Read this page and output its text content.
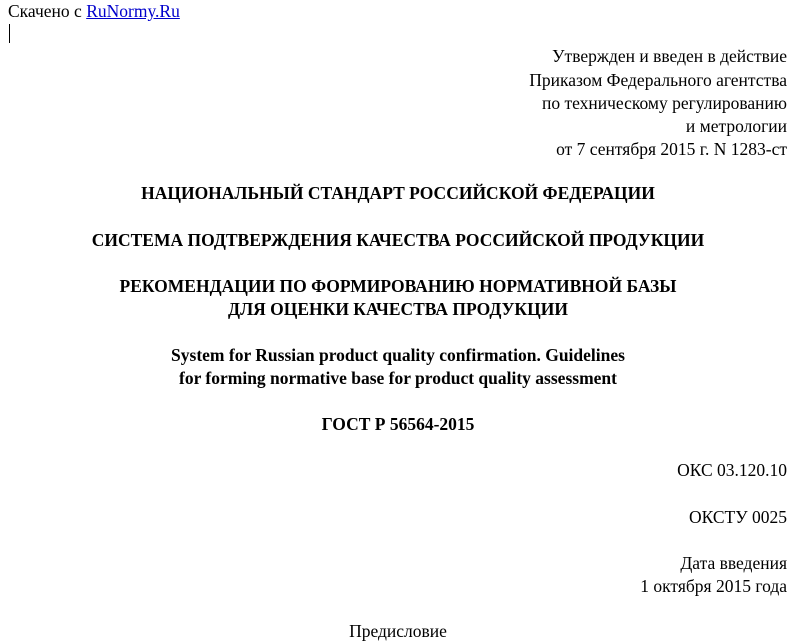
Скачено с RuNormy.Ru
Утвержден и введен в действие
Приказом Федерального агентства
по техническому регулированию
и метрологии
от 7 сентября 2015 г. N 1283-ст
НАЦИОНАЛЬНЫЙ СТАНДАРТ РОССИЙСКОЙ ФЕДЕРАЦИИ
СИСТЕМА ПОДТВЕРЖДЕНИЯ КАЧЕСТВА РОССИЙСКОЙ ПРОДУКЦИИ
РЕКОМЕНДАЦИИ ПО ФОРМИРОВАНИЮ НОРМАТИВНОЙ БАЗЫ
ДЛЯ ОЦЕНКИ КАЧЕСТВА ПРОДУКЦИИ
System for Russian product quality confirmation. Guidelines
for forming normative base for product quality assessment
ГОСТ Р 56564-2015
ОКС 03.120.10
ОКСТУ 0025
Дата введения
1 октября 2015 года
Предисловие
